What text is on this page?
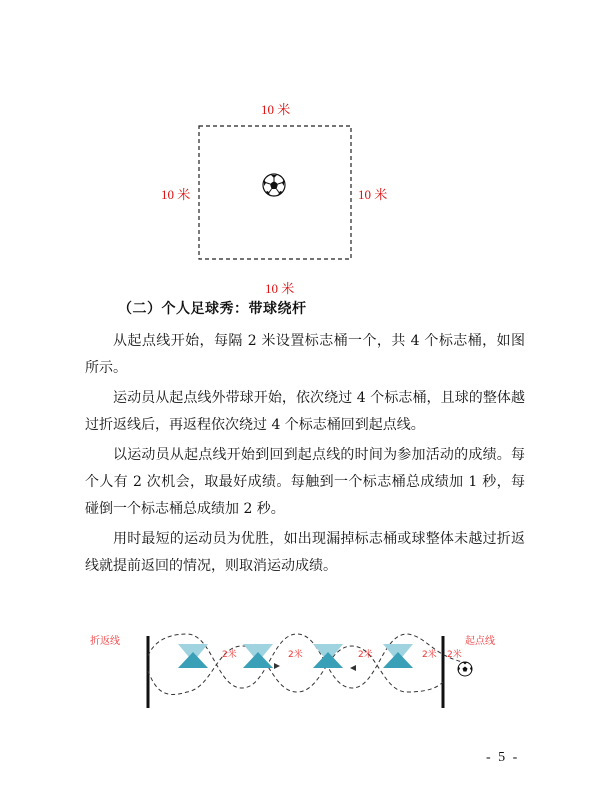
10 米
10 米	10 米
10 米
（二）个人足球秀：带球绕杆

从起点线开始，每隔 2 米设置标志桶一个，共 4 个标志桶，如图所示。

运动员从起点线外带球开始，依次绕过 4 个标志桶，且球的整体越过折返线后，再返程依次绕过 4 个标志桶回到起点线。

以运动员从起点线开始到回到起点线的时间为参加活动的成绩。每个人有 2 次机会，取最好成绩。每触到一个标志桶总成绩加 1 秒，每碰倒一个标志桶总成绩加 2 秒。

用时最短的运动员为优胜，如出现漏掉标志桶或球整体未越过折返线就提前返回的情况，则取消运动成绩。

折返线	起点线
2米	2米	2米	2米 2米
- 5 -
